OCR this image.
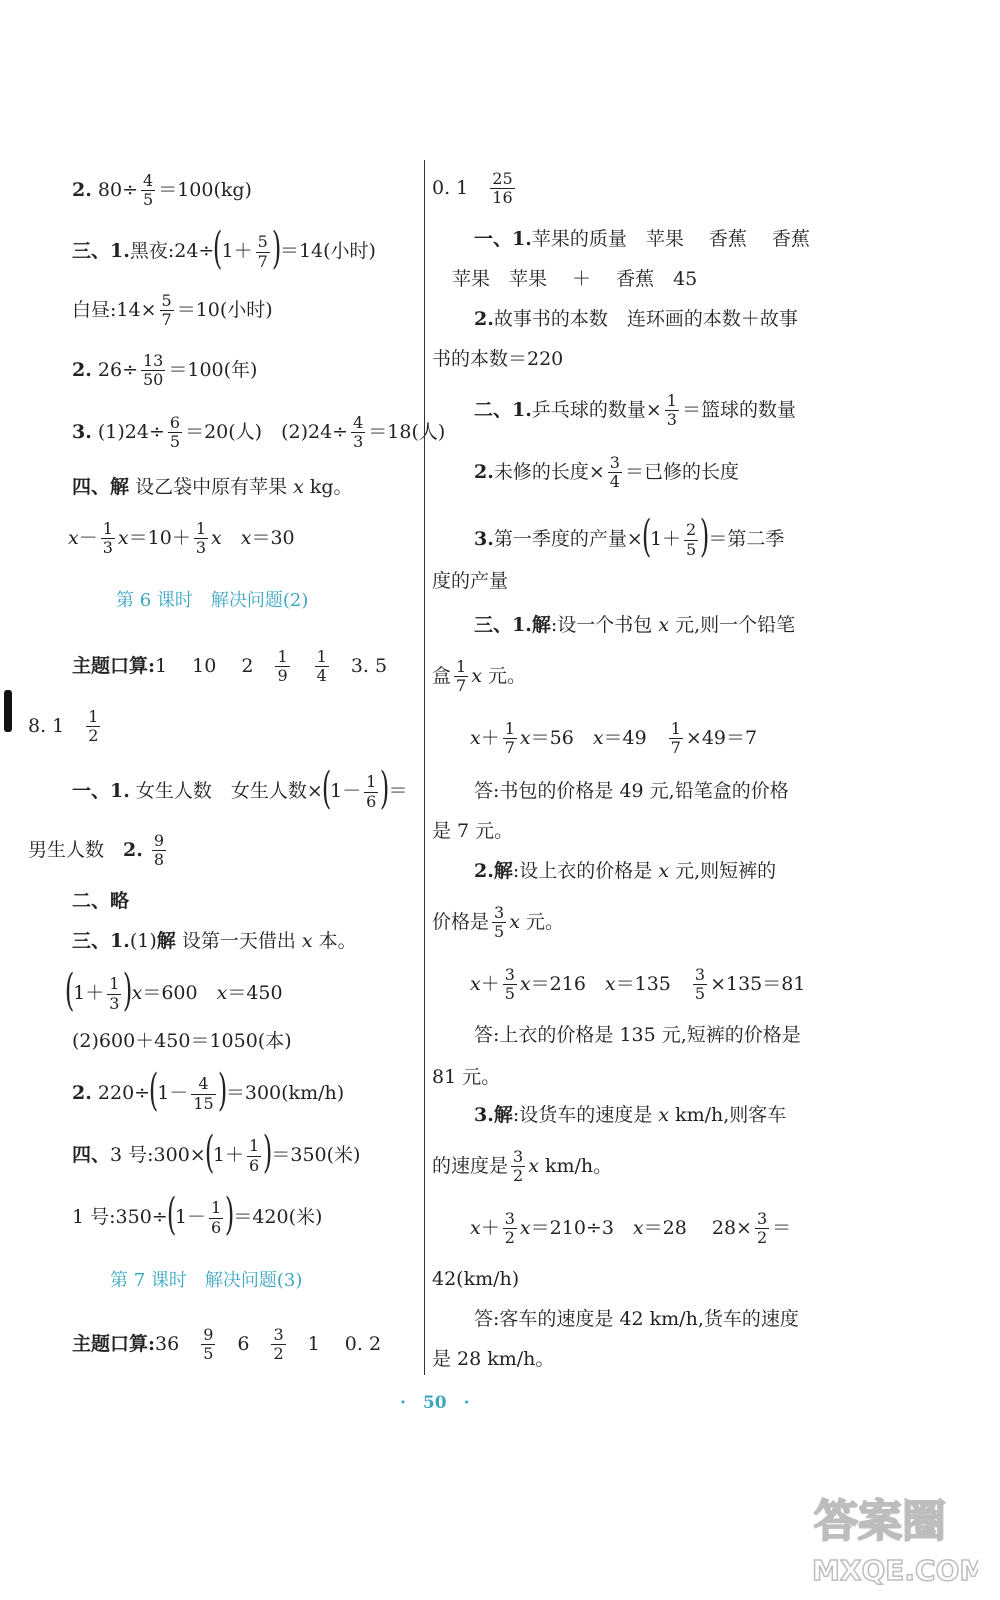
2. $80\div \frac{4}{5} =100(kg)$
三、1.黑夜:24÷(1＋ $\frac{5}{7} )=14$(小时)
白昼:14× $\frac{5}{7} =10$(小时)
2. $26\div \frac{13}{50} =100$(年)
3. $(1)24\div \frac{6}{5} =20$(人)　$(2)24\div \frac{4}{3} =18$(人)
四、解 设乙袋中原有苹果 x kg。
$x- \frac{1}{3} x=10+ \frac{1}{3}$ x　 x＝30
第 6 课时　解决问题(2)
主题口算:1　 10　 2　 $\frac{1}{9}$
　 $\frac{1}{4}$ 　3. 5
8. 1　 $\frac{1}{2}$
一、1. 女生人数　女生人数$\times(1- \frac{1}{6}$ )＝
男生人数　2. $\frac{9}{8}$
二、略
三、1.(1)解 设第一天借出 x 本。
$(1+ \frac{1}{3} )x=600$　x＝450
(2)600＋450＝1050(本)
2. $220\div(1- \frac{4}{15} )=300(km/h)$
四、3 号:300×(1＋ $\frac{1}{6} )=350$(米)
1 号:350÷(1－ $\frac{1}{6} )=420$(米)
第 7 课时　解决问题(3)
主题口算:36　 $\frac{9}{5}$ 　6　 $\frac{3}{2}$ 　1　 0. 2
0. 1　 $\frac{25}{16}$
一、1.苹果的质量　苹果　 香蕉　 香蕉
苹果　苹果　 ＋　 香蕉　45
2.故事书的本数　连环画的本数＋故事
书的本数＝220
二、1.乒乓球的数量× $\frac{1}{3}$ ＝篮球的数量
2.未修的长度× $\frac{3}{4}$ ＝已修的长度
3.第一季度的产量$\times(1+ \frac{2}{5}$ )＝第二季
度的产量
三、1.解:设一个书包 x 元,则一个铅笔
盒 $\frac{1}{7}$ x 元。
$x+ \frac{1}{7} x=56$　x＝49　 $\frac{1}{7} \times 49=7$
答:书包的价格是 49 元,铅笔盒的价格
是 7 元。
2.解:设上衣的价格是 x 元,则短裤的
价格是 $\frac{3}{5}$ x 元。
$x+ \frac{3}{5} x=216$　x＝135　 $\frac{3}{5} \times 135=81$
答:上衣的价格是 135 元,短裤的价格是
81 元。
3.解:设货车的速度是 x km/h,则客车
的速度是 $\frac{3}{2}$ x km/h。
$x+ \frac{3}{2} x=210\div 3$　x＝28　 $28\times \frac{3}{2}$ ＝
42(km/h)
答:客车的速度是 42 km/h,货车的速度
是 28 km/h。
·　50　·
答案圈
MXQE.COM
